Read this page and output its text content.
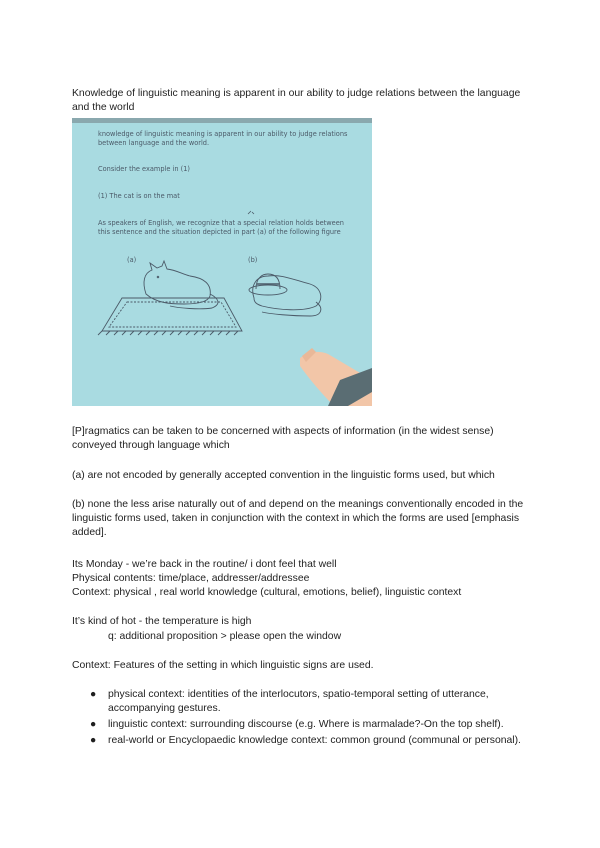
Knowledge of linguistic meaning is apparent in our ability to judge relations between the language and the world

knowledge of linguistic meaning is apparent in our ability to judge relations
between language and the world.
Consider the example in (1)
(1) The cat is on the mat
As speakers of English, we recognize that a special relation holds between
this sentence and the situation depicted in part (a) of the following figure
(a)	(b)

[P]ragmatics can be taken to be concerned with aspects of information (in the widest sense) conveyed through language which

(a) are not encoded by generally accepted convention in the linguistic forms used, but which

(b) none the less arise naturally out of and depend on the meanings conventionally encoded in the linguistic forms used, taken in conjunction with the context in which the forms are used [emphasis added].

Its Monday - we’re back in the routine/ i dont feel that well

Physical contents: time/place, addresser/addressee

Context: physical , real world knowledge (cultural, emotions, belief), linguistic context

It’s kind of hot - the temperature is high

q: additional proposition > please open the window

Context: Features of the setting in which linguistic signs are used.

● physical context: identities of the interlocutors, spatio-temporal setting of utterance, accompanying gestures.
● linguistic context: surrounding discourse (e.g. Where is marmalade?-On the top shelf).
● real-world or Encyclopaedic knowledge context: common ground (communal or personal).
